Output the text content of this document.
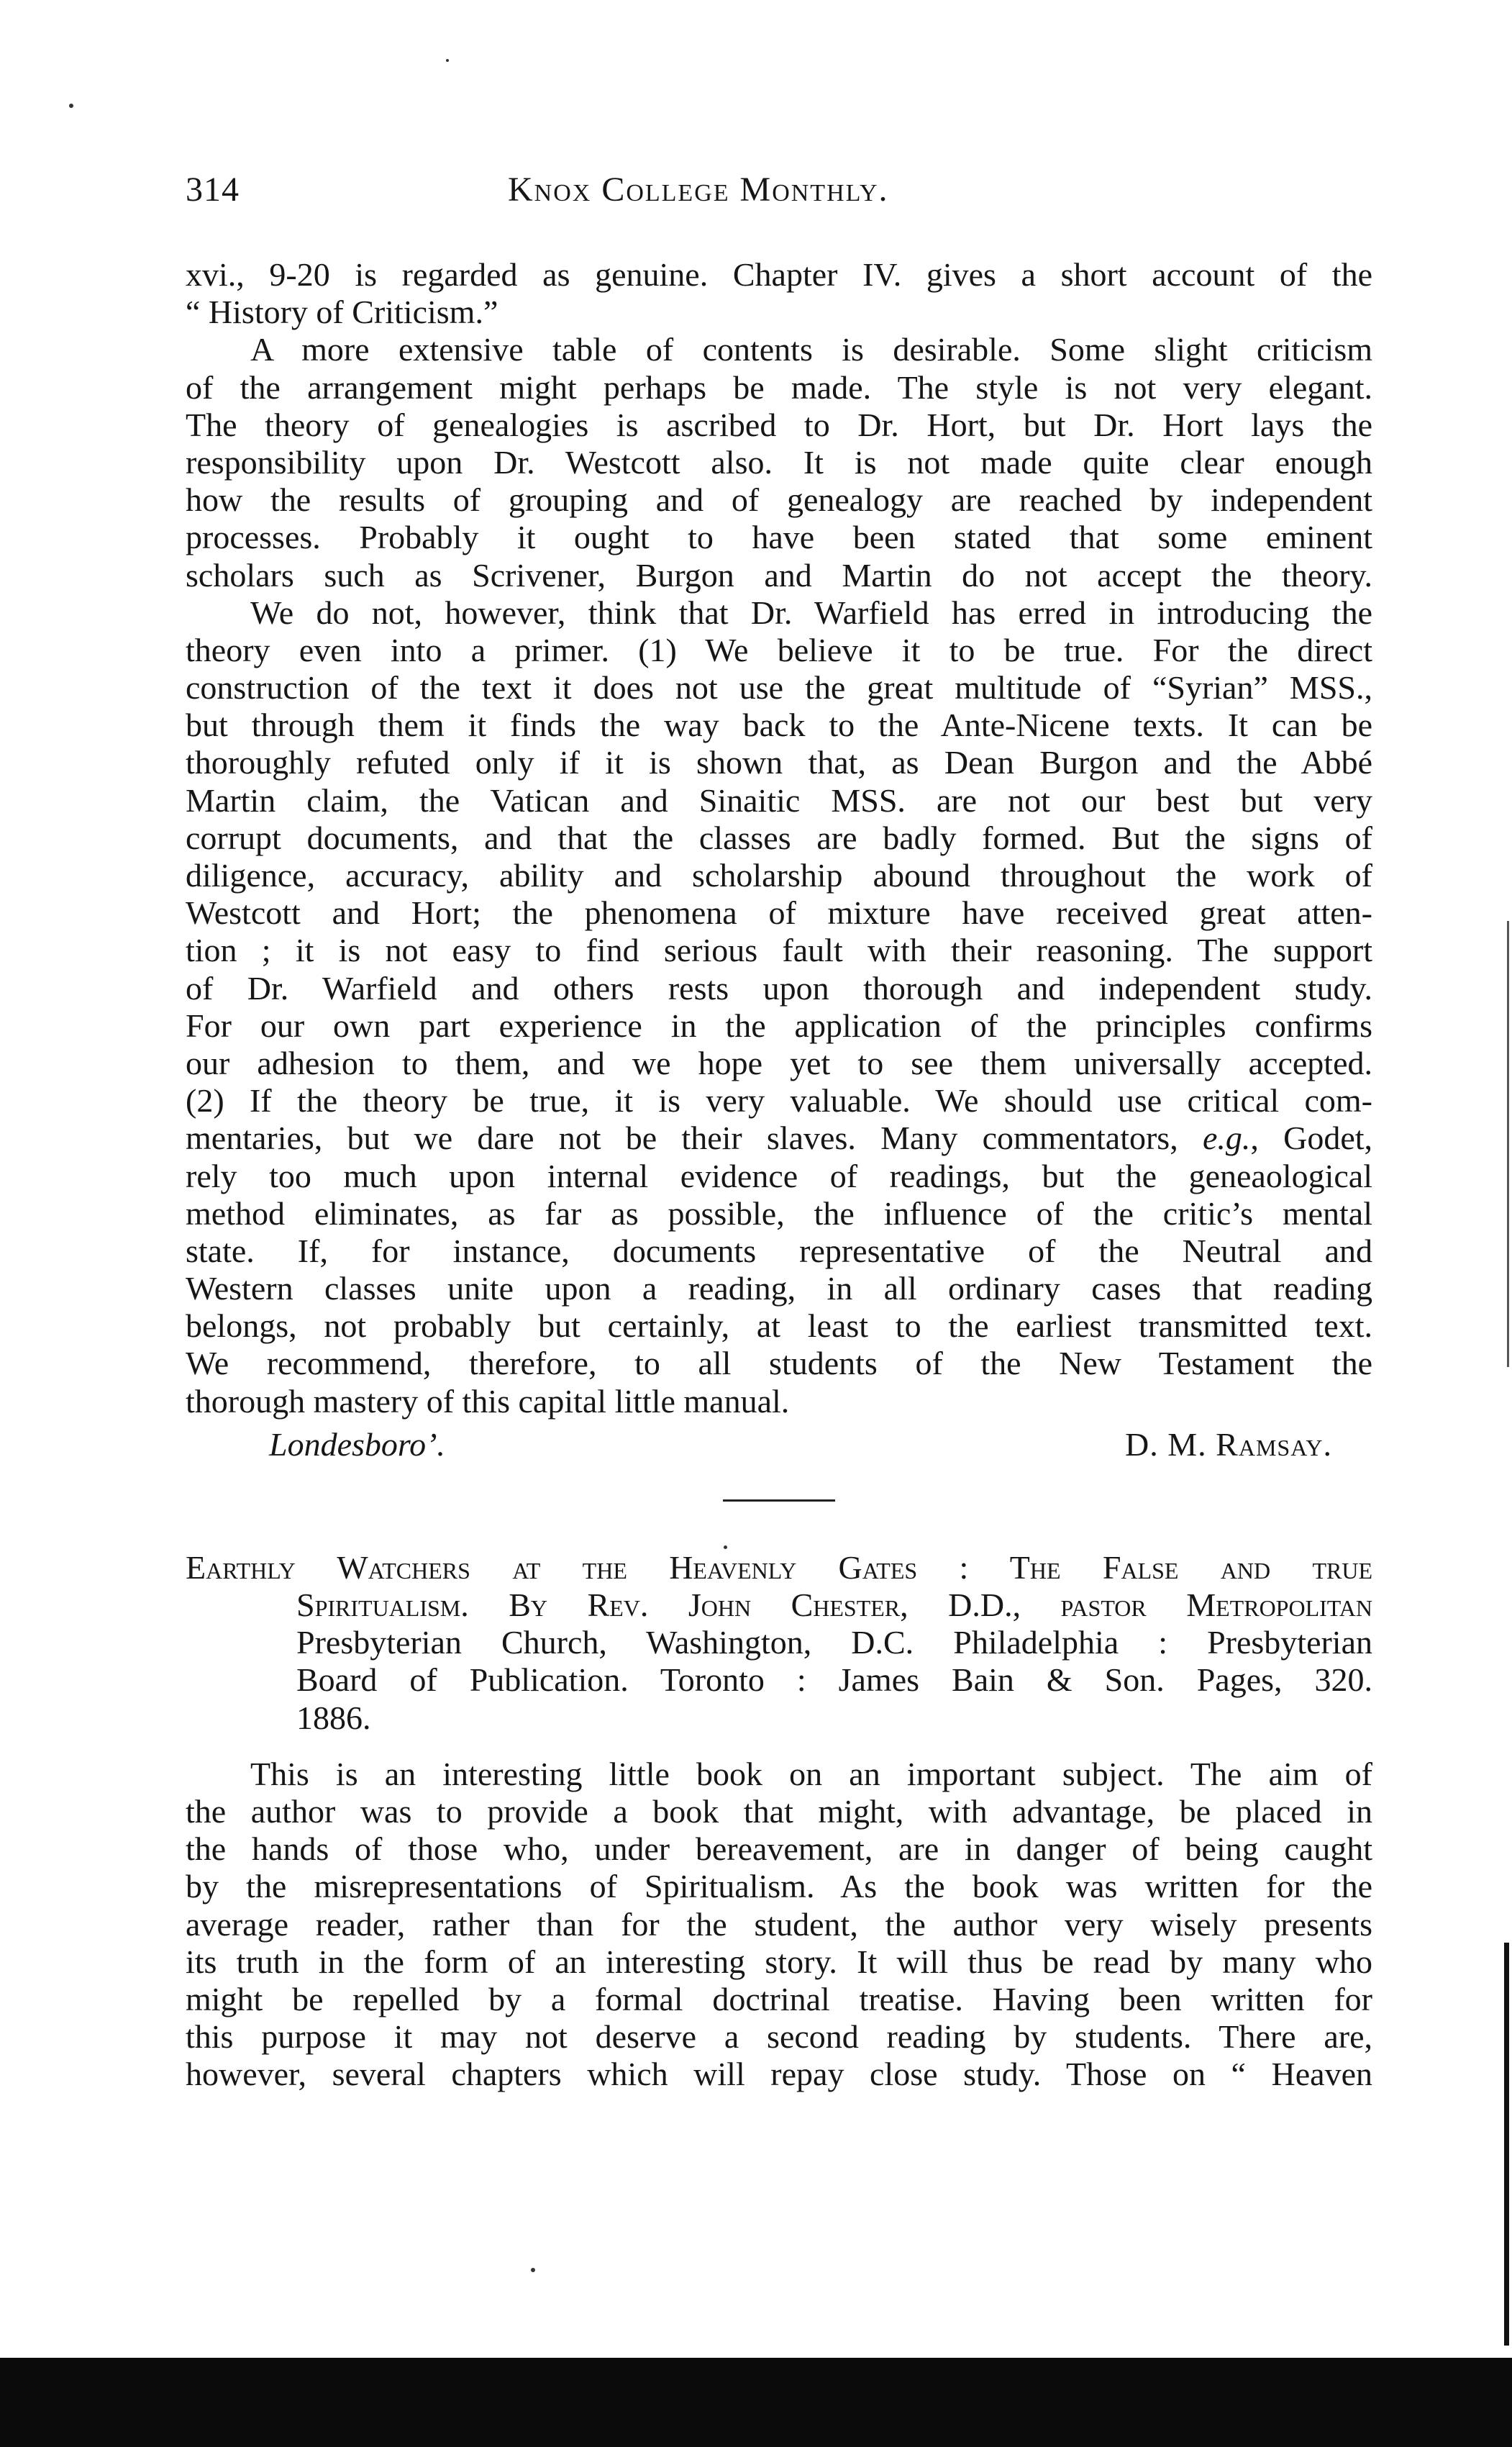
314	Knox College Monthly.
xvi., 9-20 is regarded as genuine. Chapter IV. gives a short account of the
“ History of Criticism.”
A more extensive table of contents is desirable. Some slight criticism
of the arrangement might perhaps be made. The style is not very elegant.
The theory of genealogies is ascribed to Dr. Hort, but Dr. Hort lays the
responsibility upon Dr. Westcott also. It is not made quite clear enough
how the results of grouping and of genealogy are reached by independent
processes. Probably it ought to have been stated that some eminent
scholars such as Scrivener, Burgon and Martin do not accept the theory.
We do not, however, think that Dr. Warfield has erred in introducing the
theory even into a primer. (1) We believe it to be true. For the direct
construction of the text it does not use the great multitude of “Syrian” MSS.,
but through them it finds the way back to the Ante-Nicene texts. It can be
thoroughly refuted only if it is shown that, as Dean Burgon and the Abbé
Martin claim, the Vatican and Sinaitic MSS. are not our best but very
corrupt documents, and that the classes are badly formed. But the signs of
diligence, accuracy, ability and scholarship abound throughout the work of
Westcott and Hort; the phenomena of mixture have received great atten-
tion ; it is not easy to find serious fault with their reasoning. The support
of Dr. Warfield and others rests upon thorough and independent study.
For our own part experience in the application of the principles confirms
our adhesion to them, and we hope yet to see them universally accepted.
(2) If the theory be true, it is very valuable. We should use critical com-
mentaries, but we dare not be their slaves. Many commentators, e.g., Godet,
rely too much upon internal evidence of readings, but the geneaological
method eliminates, as far as possible, the influence of the critic’s mental
state. If, for instance, documents representative of the Neutral and
Western classes unite upon a reading, in all ordinary cases that reading
belongs, not probably but certainly, at least to the earliest transmitted text.
We recommend, therefore, to all students of the New Testament the
thorough mastery of this capital little manual.
Londesboro’.	D. M. Ramsay.
Earthly Watchers at the Heavenly Gates : The False and true
Spiritualism. By Rev. John Chester, D.D., pastor Metropolitan
Presbyterian Church, Washington, D.C. Philadelphia : Presbyterian
Board of Publication. Toronto : James Bain & Son. Pages, 320.
1886.
This is an interesting little book on an important subject. The aim of
the author was to provide a book that might, with advantage, be placed in
the hands of those who, under bereavement, are in danger of being caught
by the misrepresentations of Spiritualism. As the book was written for the
average reader, rather than for the student, the author very wisely presents
its truth in the form of an interesting story. It will thus be read by many who
might be repelled by a formal doctrinal treatise. Having been written for
this purpose it may not deserve a second reading by students. There are,
however, several chapters which will repay close study. Those on “ Heaven
